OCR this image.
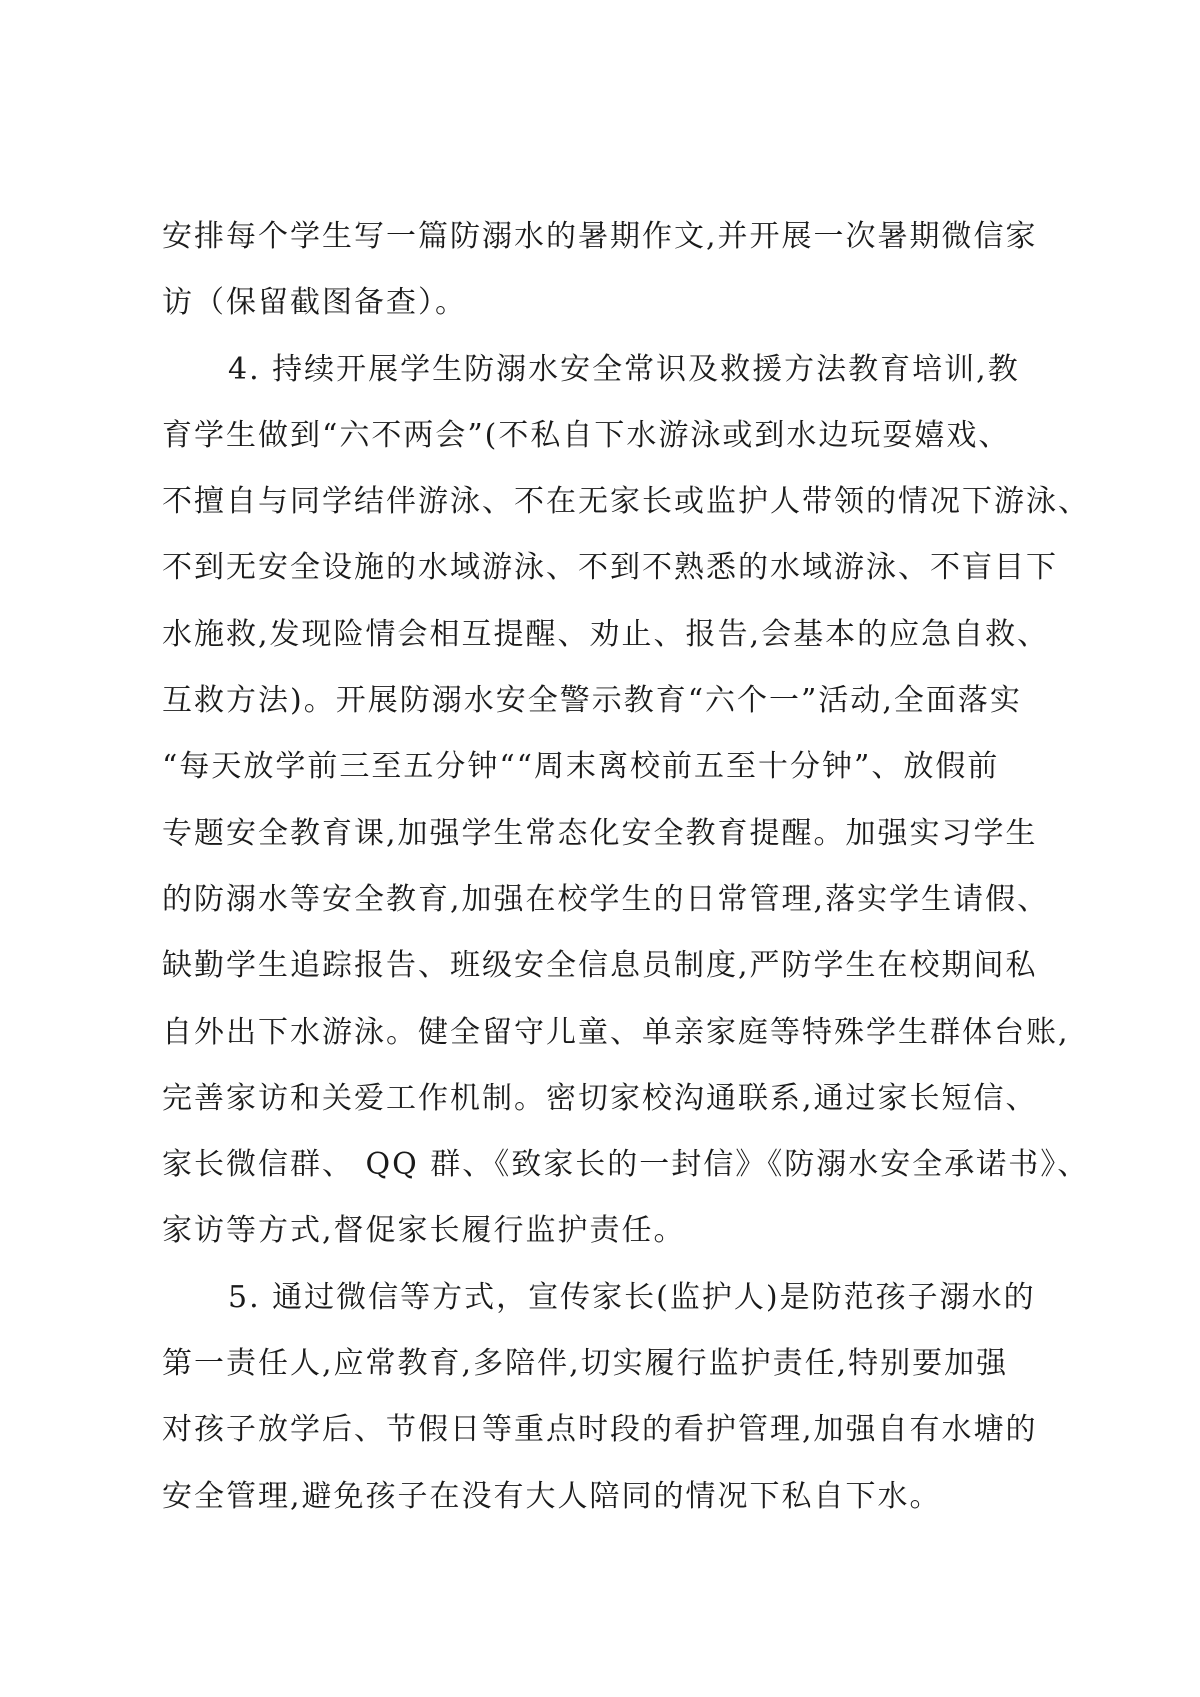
安排每个学生写一篇防溺水的暑期作文,并开展一次暑期微信家
访（保留截图备查）。
4. 持续开展学生防溺水安全常识及救援方法教育培训,教
育学生做到“六不两会”(不私自下水游泳或到水边玩耍嬉戏、
不擅自与同学结伴游泳、不在无家长或监护人带领的情况下游泳、
不到无安全设施的水域游泳、不到不熟悉的水域游泳、不盲目下
水施救,发现险情会相互提醒、劝止、报告,会基本的应急自救、
互救方法)。开展防溺水安全警示教育“六个一”活动,全面落实
“每天放学前三至五分钟““周末离校前五至十分钟”、放假前
专题安全教育课,加强学生常态化安全教育提醒。加强实习学生
的防溺水等安全教育,加强在校学生的日常管理,落实学生请假、
缺勤学生追踪报告、班级安全信息员制度,严防学生在校期间私
自外出下水游泳。健全留守儿童、单亲家庭等特殊学生群体台账,
完善家访和关爱工作机制。密切家校沟通联系,通过家长短信、
家长微信群、 QQ 群、《致家长的一封信》《防溺水安全承诺书》、
家访等方式,督促家长履行监护责任。
5. 通过微信等方式，宣传家长(监护人)是防范孩子溺水的
第一责任人,应常教育,多陪伴,切实履行监护责任,特别要加强
对孩子放学后、节假日等重点时段的看护管理,加强自有水塘的
安全管理,避免孩子在没有大人陪同的情况下私自下水。
